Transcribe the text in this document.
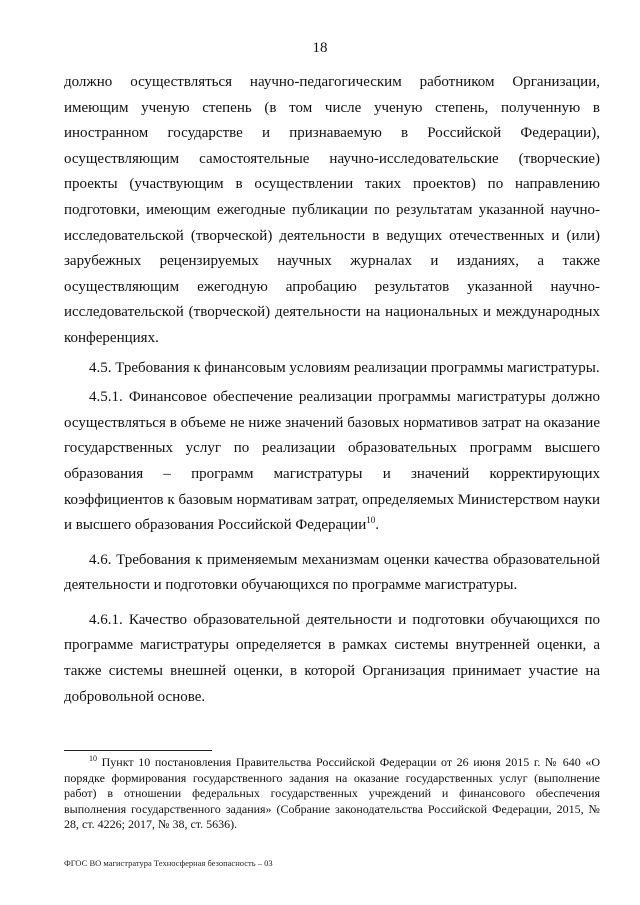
18

должно осуществляться научно-педагогическим работником Организации, имеющим ученую степень (в том числе ученую степень, полученную в иностранном государстве и признаваемую в Российской Федерации), осуществляющим самостоятельные научно-исследовательские (творческие) проекты (участвующим в осуществлении таких проектов) по направлению подготовки, имеющим ежегодные публикации по результатам указанной научно-исследовательской (творческой) деятельности в ведущих отечественных и (или) зарубежных рецензируемых научных журналах и изданиях, а также осуществляющим ежегодную апробацию результатов указанной научно-исследовательской (творческой) деятельности на национальных и международных конференциях.

4.5. Требования к финансовым условиям реализации программы магистратуры.

4.5.1. Финансовое обеспечение реализации программы магистратуры должно осуществляться в объеме не ниже значений базовых нормативов затрат на оказание государственных услуг по реализации образовательных программ высшего образования – программ магистратуры и значений корректирующих коэффициентов к базовым нормативам затрат, определяемых Министерством науки и высшего образования Российской Федерации$^{10}$.

4.6. Требования к применяемым механизмам оценки качества образовательной деятельности и подготовки обучающихся по программе магистратуры.

4.6.1. Качество образовательной деятельности и подготовки обучающихся по программе магистратуры определяется в рамках системы внутренней оценки, а также системы внешней оценки, в которой Организация принимает участие на добровольной основе.

$^{10}$ Пункт 10 постановления Правительства Российской Федерации от 26 июня 2015 г. № 640 «О порядке формирования государственного задания на оказание государственных услуг (выполнение работ) в отношении федеральных государственных учреждений и финансового обеспечения выполнения государственного задания» (Собрание законодательства Российской Федерации, 2015, № 28, ст. 4226; 2017, № 38, ст. 5636).

ФГОС ВО магистратура Техносферная безопасность – 03
